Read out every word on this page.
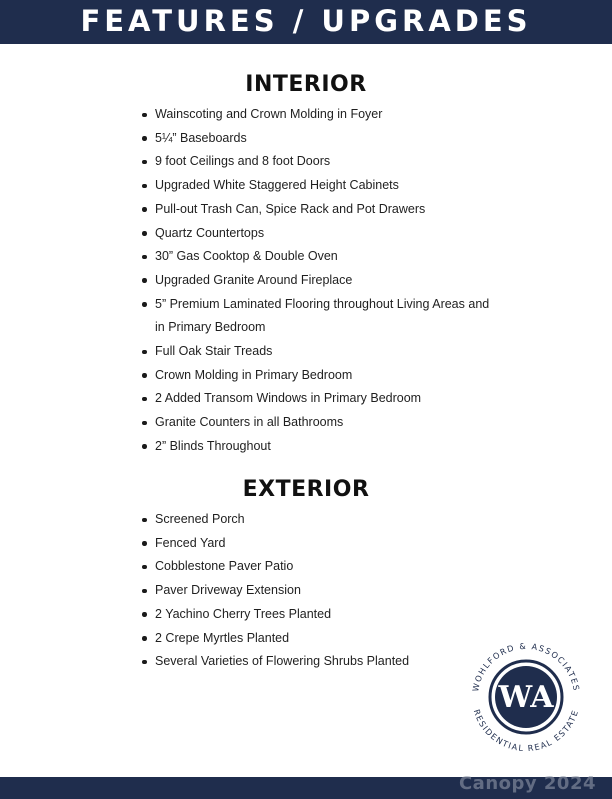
FEATURES / UPGRADES
INTERIOR
Wainscoting and Crown Molding in Foyer
5¼” Baseboards
9 foot Ceilings and 8 foot Doors
Upgraded White Staggered Height Cabinets
Pull-out Trash Can, Spice Rack and Pot Drawers
Quartz Countertops
30” Gas Cooktop & Double Oven
Upgraded Granite Around Fireplace
5” Premium Laminated Flooring throughout Living Areas and in Primary Bedroom
Full Oak Stair Treads
Crown Molding in Primary Bedroom
2 Added Transom Windows in Primary Bedroom
Granite Counters in all Bathrooms
2” Blinds Throughout
EXTERIOR
Screened Porch
Fenced Yard
Cobblestone Paver Patio
Paver Driveway Extension
2 Yachino Cherry Trees Planted
2 Crepe Myrtles Planted
Several Varieties of Flowering Shrubs Planted
WOHLFORD & ASSOCIATES
RESIDENTIAL REAL ESTATE
WA
Canopy 2024
